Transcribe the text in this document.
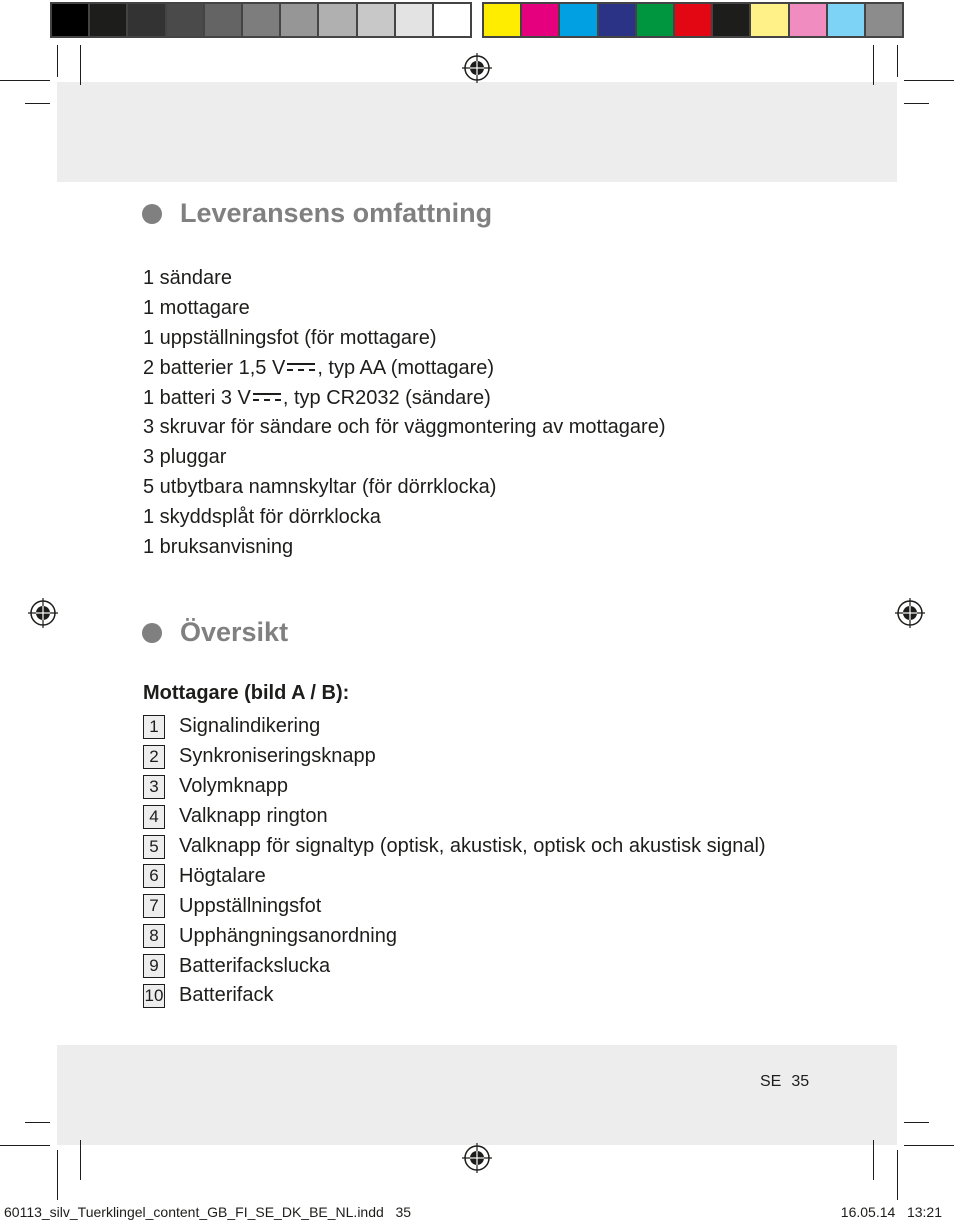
Leveransens omfattning
1 sändare
1 mottagare
1 uppställningsfot (för mottagare)
2 batterier 1,5 V , typ AA (mottagare)
1 batteri 3 V , typ CR2032 (sändare)
3 skruvar för sändare och för väggmontering av mottagare)
3 pluggar
5 utbytbara namnskyltar (för dörrklocka)
1 skyddsplåt för dörrklocka
1 bruksanvisning
Översikt
Mottagare (bild A / B):
1	Signalindikering
2	Synkroniseringsknapp
3	Volymknapp
4	Valknapp rington
5	Valknapp för signaltyp (optisk, akustisk, optisk och akustisk signal)
6	Högtalare
7	Uppställningsfot
8	Upphängningsanordning
9	Batterifackslucka
10 Batterifack
SE 35
60113_silv_Tuerklingel_content_GB_FI_SE_DK_BE_NL.indd   35	16.05.14   13:21
